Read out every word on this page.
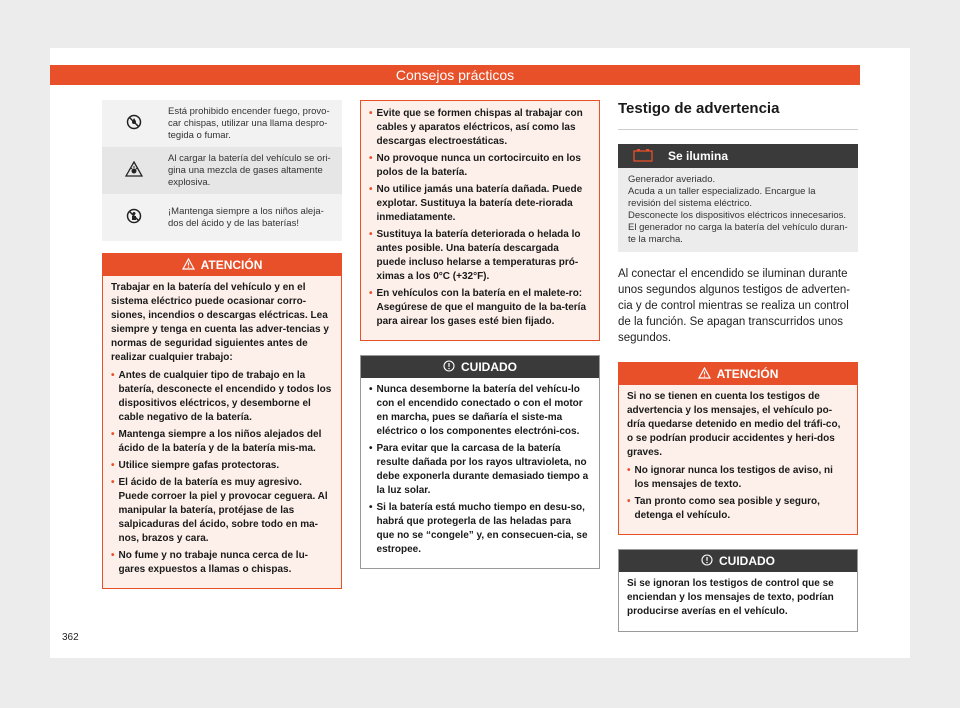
Consejos prácticos
	Está prohibido encender fuego, provo-car chispas, utilizar una llama despro-tegida o fumar.
	Al cargar la batería del vehículo se ori-gina una mezcla de gases altamente explosiva.
	¡Mantenga siempre a los niños aleja-dos del ácido y de las baterías!
ATENCIÓN

Trabajar en la batería del vehículo y en el sistema eléctrico puede ocasionar corro-siones, incendios o descargas eléctricas. Lea siempre y tenga en cuenta las adver-tencias y normas de seguridad siguientes antes de realizar cualquier trabajo:

• Antes de cualquier tipo de trabajo en la batería, desconecte el encendido y todos los dispositivos eléctricos, y desemborne el cable negativo de la batería.
• Mantenga siempre a los niños alejados del ácido de la batería y de la batería mis-ma.
• Utilice siempre gafas protectoras.
• El ácido de la batería es muy agresivo. Puede corroer la piel y provocar ceguera. Al manipular la batería, protéjase de las salpicaduras del ácido, sobre todo en ma-nos, brazos y cara.
• No fume y no trabaje nunca cerca de lu-gares expuestos a llamas o chispas.
• Evite que se formen chispas al trabajar con cables y aparatos eléctricos, así como las descargas electroestáticas.
• No provoque nunca un cortocircuito en los polos de la batería.
• No utilice jamás una batería dañada. Puede explotar. Sustituya la batería dete-riorada inmediatamente.
• Sustituya la batería deteriorada o helada lo antes posible. Una batería descargada puede incluso helarse a temperaturas pró-ximas a los 0°C (+32°F).
• En vehículos con la batería en el malete-ro: Asegúrese de que el manguito de la ba-tería para airear los gases esté bien fijado.
CUIDADO
• Nunca desemborne la batería del vehícu-lo con el encendido conectado o con el motor en marcha, pues se dañaría el siste-ma eléctrico o los componentes electróni-cos.
• Para evitar que la carcasa de la batería resulte dañada por los rayos ultravioleta, no debe exponerla durante demasiado tiempo a la luz solar.
• Si la batería está mucho tiempo en desu-so, habrá que protegerla de las heladas para que no se “congele” y, en consecuen-cia, se estropee.
Testigo de advertencia
Se ilumina
Generador averiado.
Acuda a un taller especializado. Encargue la revisión del sistema eléctrico.
Desconecte los dispositivos eléctricos innecesarios.
El generador no carga la batería del vehículo duran-te la marcha.

Al conectar el encendido se iluminan durante unos segundos algunos testigos de adverten-cia y de control mientras se realiza un control de la función. Se apagan transcurridos unos segundos.

ATENCIÓN

Si no se tienen en cuenta los testigos de advertencia y los mensajes, el vehículo po-dría quedarse detenido en medio del tráfi-co, o se podrían producir accidentes y heri-dos graves.

• No ignorar nunca los testigos de aviso, ni los mensajes de texto.
• Tan pronto como sea posible y seguro, detenga el vehículo.
CUIDADO

Si se ignoran los testigos de control que se enciendan y los mensajes de texto, podrían producirse averías en el vehículo.

362
